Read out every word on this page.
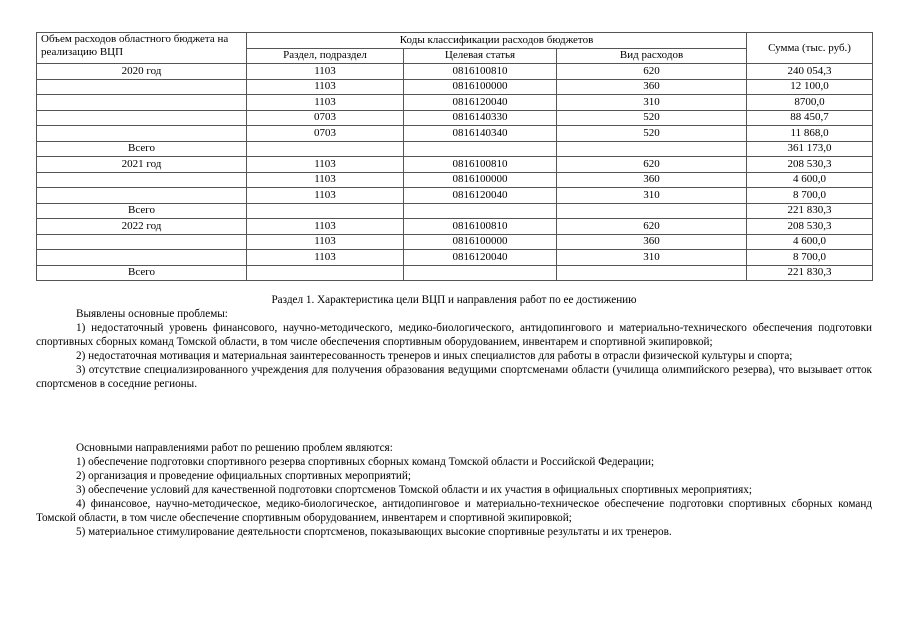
Объем расходов областного бюджета на реализацию ВЦП	Коды классификации расходов бюджетов			Сумма (тыс. руб.)
	Раздел, подраздел	Целевая статья	Вид расходов	
2020 год	1103	0816100810	620	240 054,3
	1103	0816100000	360	12 100,0
	1103	0816120040	310	8700,0
	0703	0816140330	520	88 450,7
	0703	0816140340	520	11 868,0
Всего				361 173,0
2021 год	1103	0816100810	620	208 530,3
	1103	0816100000	360	4 600,0
	1103	0816120040	310	8 700,0
Всего				221 830,3
2022 год	1103	0816100810	620	208 530,3
	1103	0816100000	360	4 600,0
	1103	0816120040	310	8 700,0
Всего				221 830,3
Раздел 1. Характеристика цели ВЦП и направления работ по ее достижению

Выявлены основные проблемы:

1) недостаточный уровень финансового, научно-методического, медико-биологического, антидопингового и материально-технического обеспечения подготовки спортивных сборных команд Томской области, в том числе обеспечения спортивным оборудованием, инвентарем и спортивной экипировкой;

2) недостаточная мотивация и материальная заинтересованность тренеров и иных специалистов для работы в отрасли физической культуры и спорта;

3) отсутствие специализированного учреждения для получения образования ведущими спортсменами области (училища олимпийского резерва), что вызывает отток спортсменов в соседние регионы.

Основными направлениями работ по решению проблем являются:

1) обеспечение подготовки спортивного резерва спортивных сборных команд Томской области и Российской Федерации;

2) организация и проведение официальных спортивных мероприятий;

3) обеспечение условий для качественной подготовки спортсменов Томской области и их участия в официальных спортивных мероприятиях;

4) финансовое, научно-методическое, медико-биологическое, антидопинговое и материально-техническое обеспечение подготовки спортивных сборных команд Томской области, в том числе обеспечение спортивным оборудованием, инвентарем и спортивной экипировкой;

5) материальное стимулирование деятельности спортсменов, показывающих высокие спортивные результаты и их тренеров.
